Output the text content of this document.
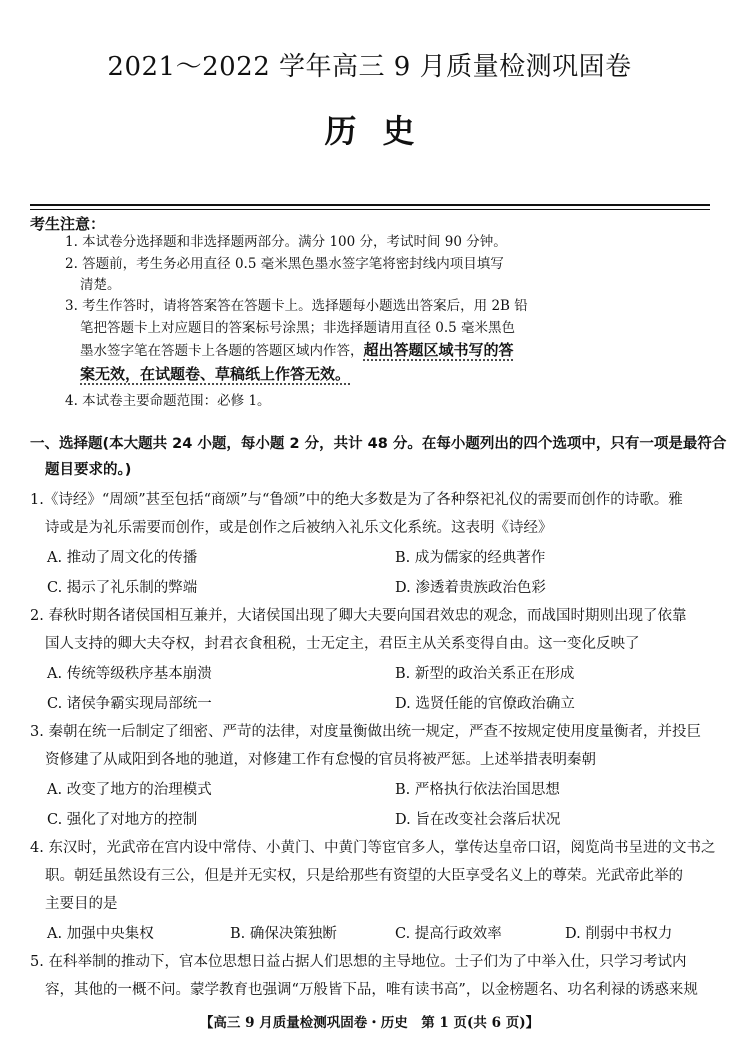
2021～2022 学年高三 9 月质量检测巩固卷
历史
考生注意：
1. 本试卷分选择题和非选择题两部分。满分 100 分，考试时间 90 分钟。
2. 答题前，考生务必用直径 0.5 毫米黑色墨水签字笔将密封线内项目填写
清楚。
3. 考生作答时，请将答案答在答题卡上。选择题每小题选出答案后，用 2B 铅
笔把答题卡上对应题目的答案标号涂黑；非选择题请用直径 0.5 毫米黑色
墨水签字笔在答题卡上各题的答题区域内作答，超出答题区域书写的答
案无效，在试题卷、草稿纸上作答无效。
4. 本试卷主要命题范围：必修 1。
一、选择题(本大题共 24 小题，每小题 2 分，共计 48 分。在每小题列出的四个选项中，只有一项是最符合
题目要求的。)
1.《诗经》“周颂”甚至包括“商颂”与“鲁颂”中的绝大多数是为了各种祭祀礼仪的需要而创作的诗歌。雅
诗或是为礼乐需要而创作，或是创作之后被纳入礼乐文化系统。这表明《诗经》
A. 推动了周文化的传播	B. 成为儒家的经典著作
C. 揭示了礼乐制的弊端	D. 渗透着贵族政治色彩
2. 春秋时期各诸侯国相互兼并，大诸侯国出现了卿大夫要向国君效忠的观念，而战国时期则出现了依靠
国人支持的卿大夫夺权，封君衣食租税，士无定主，君臣主从关系变得自由。这一变化反映了
A. 传统等级秩序基本崩溃	B. 新型的政治关系正在形成
C. 诸侯争霸实现局部统一	D. 选贤任能的官僚政治确立
3. 秦朝在统一后制定了细密、严苛的法律，对度量衡做出统一规定，严查不按规定使用度量衡者，并投巨
资修建了从咸阳到各地的驰道，对修建工作有怠慢的官员将被严惩。上述举措表明秦朝
A. 改变了地方的治理模式	B. 严格执行依法治国思想
C. 强化了对地方的控制	D. 旨在改变社会落后状况
4. 东汉时，光武帝在宫内设中常侍、小黄门、中黄门等宦官多人，掌传达皇帝口诏，阅览尚书呈进的文书之
职。朝廷虽然设有三公，但是并无实权，只是给那些有资望的大臣享受名义上的尊荣。光武帝此举的
主要目的是
A. 加强中央集权	B. 确保决策独断	C. 提高行政效率	D. 削弱中书权力
5. 在科举制的推动下，官本位思想日益占据人们思想的主导地位。士子们为了中举入仕，只学习考试内
容，其他的一概不问。蒙学教育也强调“万般皆下品，唯有读书高”，以金榜题名、功名利禄的诱惑来规
【高三 9 月质量检测巩固卷・历史　第 1 页(共 6 页)】
